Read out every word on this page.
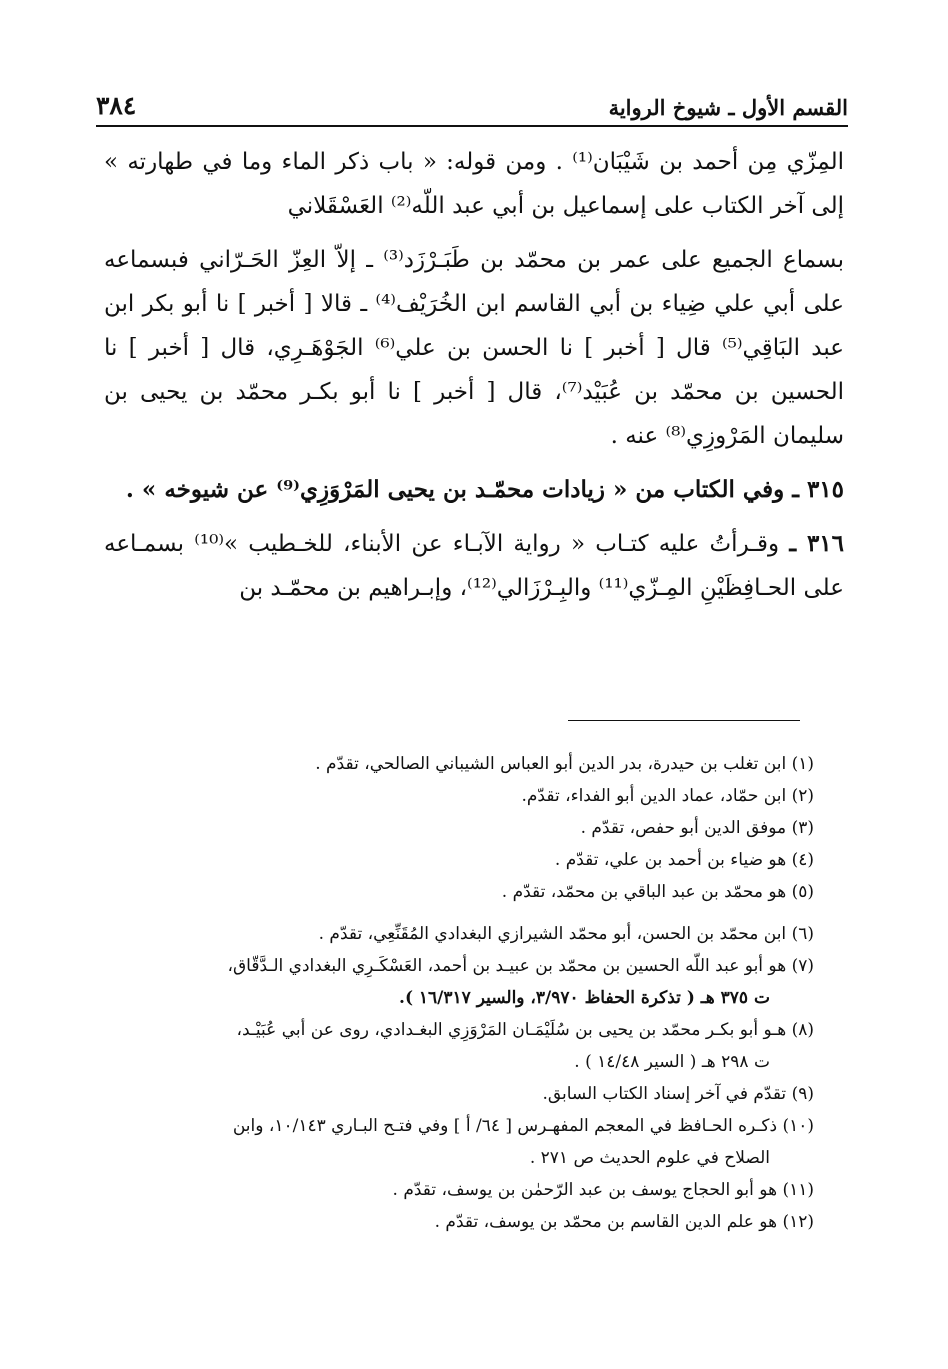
القسم الأول ـ شيوخ الرواية
٣٨٤

المِزّي مِن أحمد بن شَيْبَان⁽¹⁾ . ومن قوله: « باب ذكر الماء وما في طهارته » إلى آخر الكتاب على إسماعيل بن أبي عبد اللّه⁽²⁾ العَسْقَلاني

بسماع الجميع على عمر بن محمّد بن طَبَـرْزَد⁽³⁾ ـ إلاّ العِزّ الحَـرّاني فبسماعه على أبي علي ضِياء بن أبي القاسم ابن الخُرَيْف⁽⁴⁾ ـ قالا [ أخبر ] نا أبو بكر ابن عبد البَاقِي⁽⁵⁾ قال [ أخبر ] نا الحسن بن علي⁽⁶⁾ الجَوْهَـرِي، قال [ أخبر ] نا الحسين بن محمّد بن عُبَيْد⁽⁷⁾، قال [ أخبر ] نا أبو بكـر محمّد بن يحيى بن سليمان المَرْوزِي⁽⁸⁾ عنه .

٣١٥ ـ وفي الكتاب من « زيادات محمّـد بن يحيى المَرْوَزِي⁽⁹⁾ عن شيوخه » .

٣١٦ ـ وقـرأتُ عليه كتـاب « رواية الآبـاء عن الأبناء، للخـطيب »⁽¹⁰⁾ بسمـاعه على الحـافِظَيْنِ المِـزّي⁽¹¹⁾ والبِـرْزَالي⁽¹²⁾، وإبـراهيم بن محمّـد بن

(١) ابن تغلب بن حيدرة، بدر الدين أبو العباس الشيباني الصالحي، تقدّم .
(٢) ابن حمّاد، عماد الدين أبو الفداء، تقدّم.
(٣) موفق الدين أبو حفص، تقدّم .
(٤) هو ضياء بن أحمد بن علي، تقدّم .
(٥) هو محمّد بن عبد الباقي بن محمّد، تقدّم .
(٦) ابن محمّد بن الحسن، أبو محمّد الشيرازي البغدادي المُقَنِّعِي، تقدّم .
(٧) هو أبو عبد اللّه الحسين بن محمّد بن عبيـد بن أحمد، العَسْكَـرِي البغدادي الـدَّقّاق،
ت ٣٧٥ هـ ( تذكرة الحفاظ ٣/٩٧٠، والسير ١٦/٣١٧ ).
(٨) هـو أبو بكـر محمّد بن يحيى بن سُلَيْمَـان المَرْوَزِي البغـدادي، روى عن أبي عُبَيْـد،
ت ٢٩٨ هـ ( السير ١٤/٤٨ ) .
(٩) تقدّم في آخر إسناد الكتاب السابق.
(١٠) ذكـره الحـافظ في المعجم المفهـرس [ ٦٤/ أ ] وفي فتـح البـاري ١٠/١٤٣، وابن
الصلاح في علوم الحديث ص ٢٧١ .
(١١) هو أبو الحجاج يوسف بن عبد الرّحمٰن بن يوسف، تقدّم .
(١٢) هو علم الدين القاسم بن محمّد بن يوسف، تقدّم .
